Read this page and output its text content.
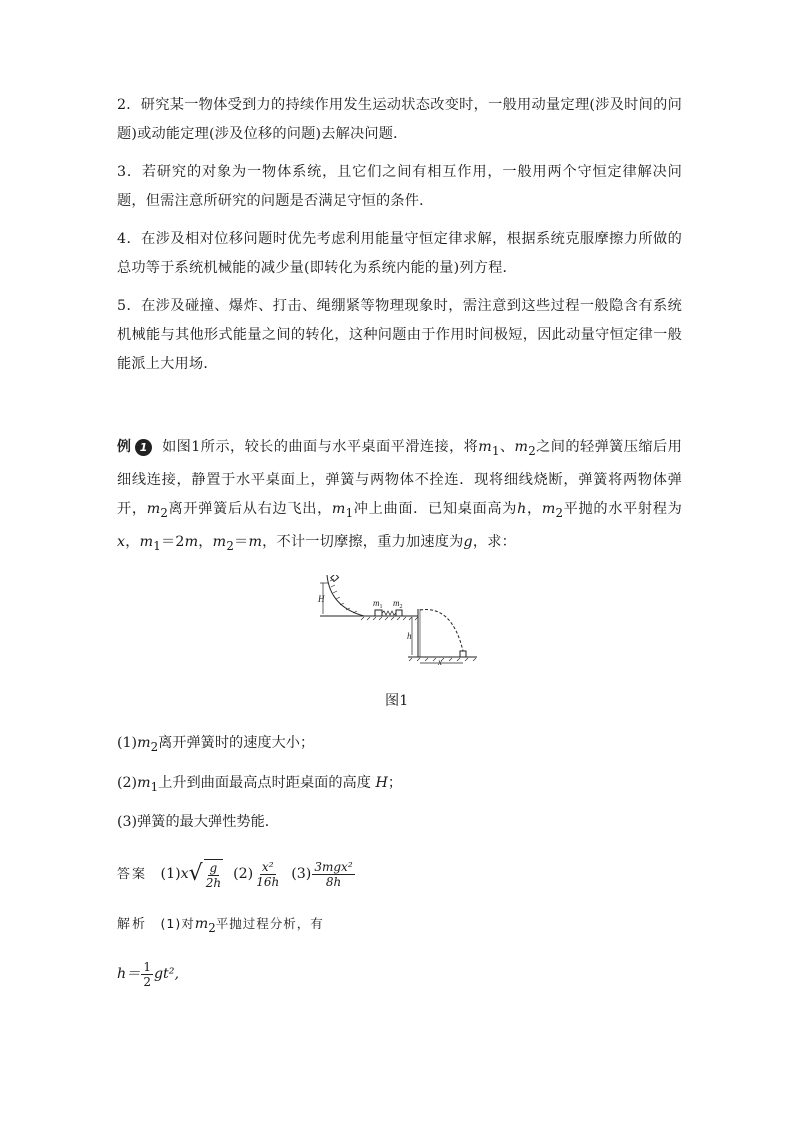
2．研究某一物体受到力的持续作用发生运动状态改变时，一般用动量定理(涉及时间的问题)或动能定理(涉及位移的问题)去解决问题．
3．若研究的对象为一物体系统，且它们之间有相互作用，一般用两个守恒定律解决问题，但需注意所研究的问题是否满足守恒的条件．
4．在涉及相对位移问题时优先考虑利用能量守恒定律求解，根据系统克服摩擦力所做的总功等于系统机械能的减少量(即转化为系统内能的量)列方程．
5．在涉及碰撞、爆炸、打击、绳绷紧等物理现象时，需注意到这些过程一般隐含有系统机械能与其他形式能量之间的转化，这种问题由于作用时间极短，因此动量守恒定律一般能派上大用场．
例 1	如图1所示，较长的曲面与水平桌面平滑连接，将$m_1$、$m_2$之间的轻弹簧压缩后用细线连接，静置于水平桌面上，弹簧与两物体不拴连．现将细线烧断，弹簧将两物体弹开，$m_2$离开弹簧后从右边飞出，$m_1$冲上曲面．已知桌面高为h，$m_2$平抛的水平射程为x，$m_1=2m$，$m_2=m$，不计一切摩擦，重力加速度为g，求：
H	$m_1$ $m_2$
h
x
图1
$(1)m_2$离开弹簧时的速度大小；
$(2)m_1$上升到曲面最高点时距桌面的高度 H；
(3)弹簧的最大弹性势能．
答案 $(1)x√ \frac{g}{2h} (2) \frac{\text{x²}}{16h} (3) \frac{\text{3mgx²}}{8h}$
解析 (1)对$m_2$平抛过程分析，有
$h= \frac{1}{2} gt^2$,
